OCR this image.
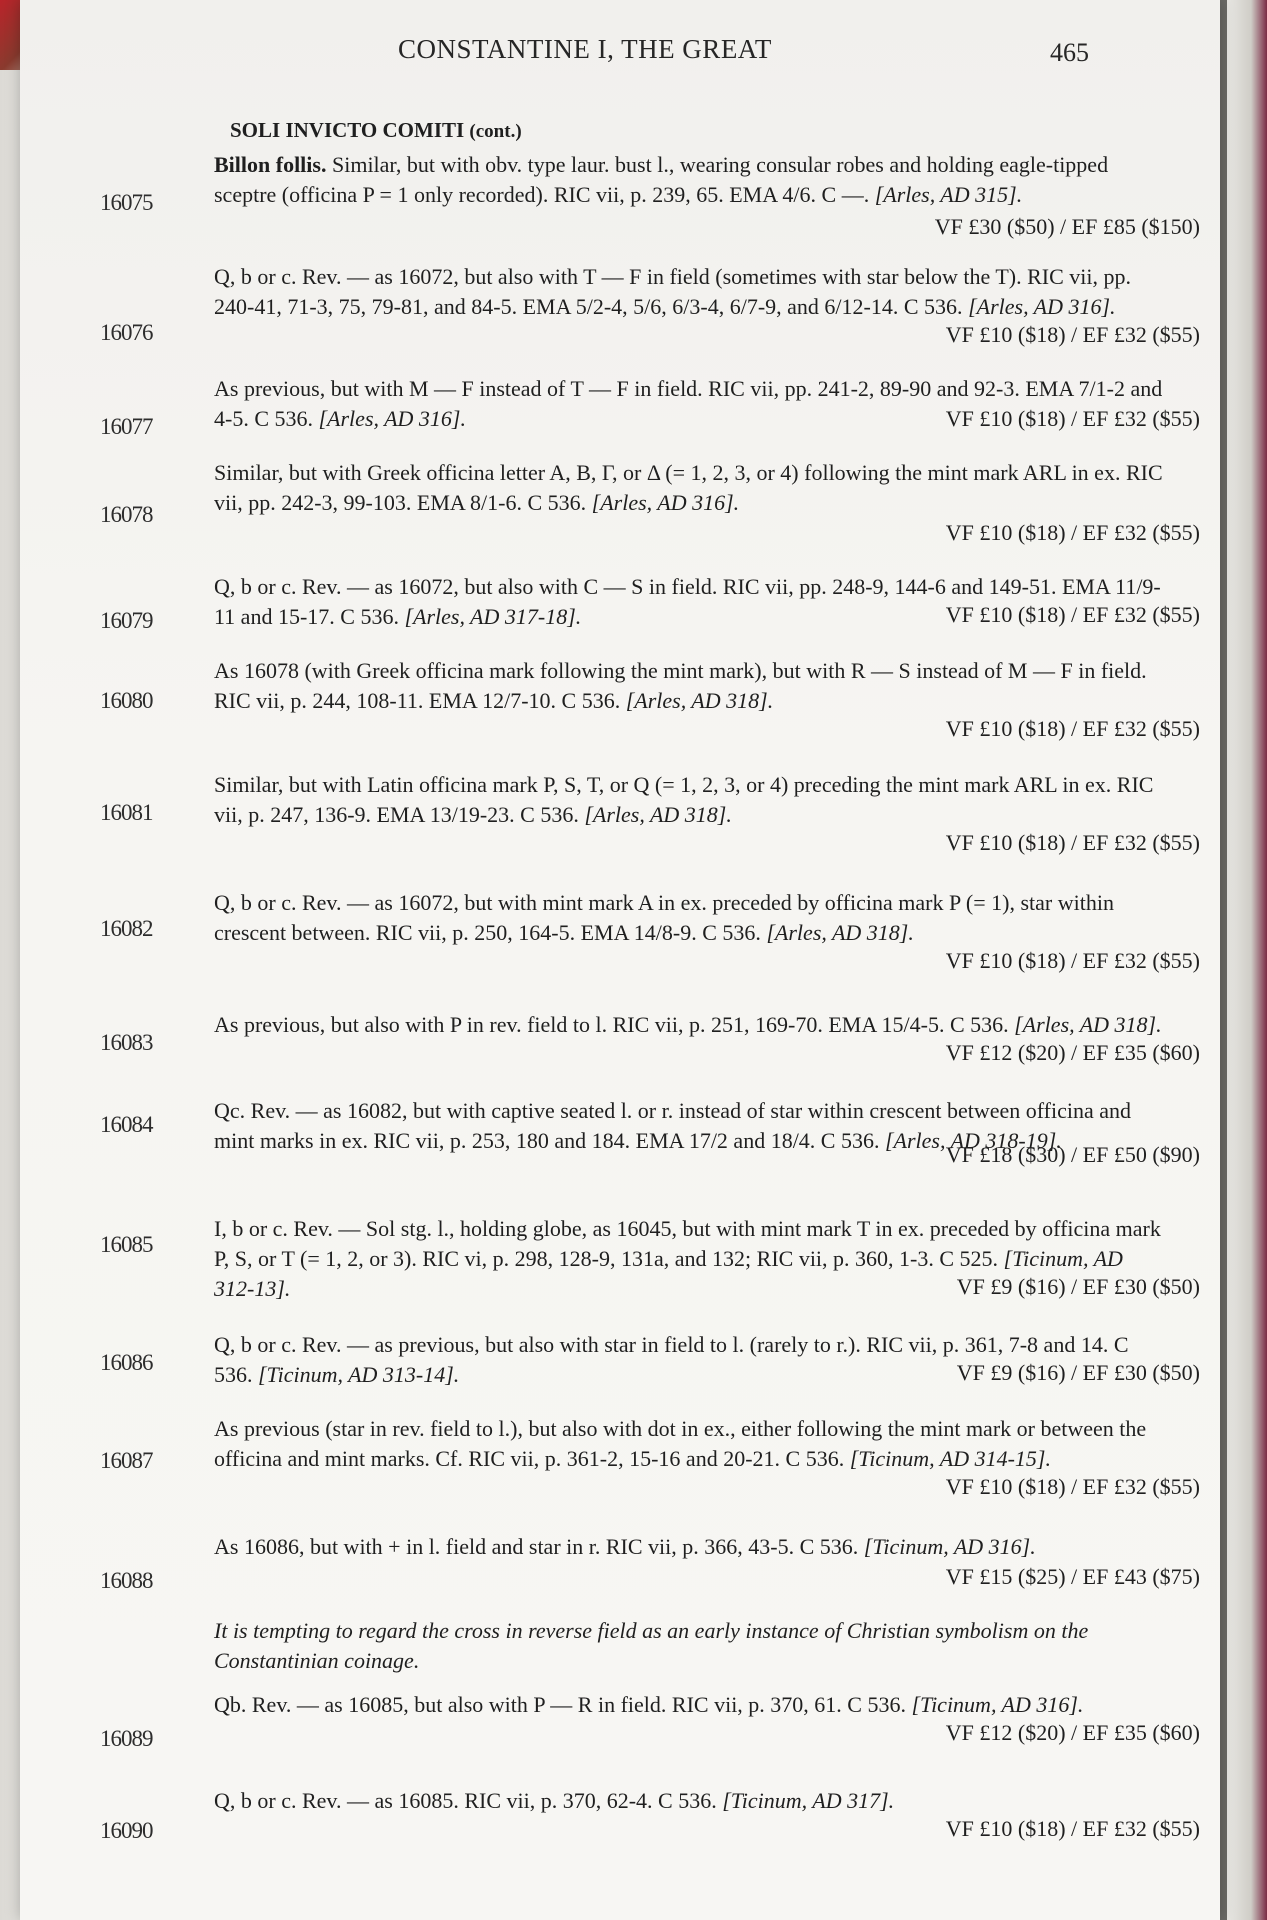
CONSTANTINE I, THE GREAT	465
SOLI INVICTO COMITI (cont.)
16075
Billon follis. Similar, but with obv. type laur. bust l., wearing consular robes and holding eagle-tipped sceptre (officina P = 1 only recorded). RIC vii, p. 239, 65. EMA 4/6. C —. [Arles, AD 315].
VF £30 ($50) / EF £85 ($150)
16076
Q, b or c. Rev. — as 16072, but also with T — F in field (sometimes with star below the T). RIC vii, pp. 240-41, 71-3, 75, 79-81, and 84-5. EMA 5/2-4, 5/6, 6/3-4, 6/7-9, and 6/12-14. C 536. [Arles, AD 316].
VF £10 ($18) / EF £32 ($55)
16077
As previous, but with M — F instead of T — F in field. RIC vii, pp. 241-2, 89-90 and 92-3. EMA 7/1-2 and 4-5. C 536. [Arles, AD 316].	VF £10 ($18) / EF £32 ($55)
16078
Similar, but with Greek officina letter A, B, Γ, or Δ (= 1, 2, 3, or 4) following the mint mark ARL in ex. RIC vii, pp. 242-3, 99-103. EMA 8/1-6. C 536. [Arles, AD 316].
VF £10 ($18) / EF £32 ($55)
16079
Q, b or c. Rev. — as 16072, but also with C — S in field. RIC vii, pp. 248-9, 144-6 and 149-51. EMA 11/9-11 and 15-17. C 536. [Arles, AD 317-18].	VF £10 ($18) / EF £32 ($55)
16080
As 16078 (with Greek officina mark following the mint mark), but with R — S instead of M — F in field. RIC vii, p. 244, 108-11. EMA 12/7-10. C 536. [Arles, AD 318].
VF £10 ($18) / EF £32 ($55)
16081
Similar, but with Latin officina mark P, S, T, or Q (= 1, 2, 3, or 4) preceding the mint mark ARL in ex. RIC vii, p. 247, 136-9. EMA 13/19-23. C 536. [Arles, AD 318].
VF £10 ($18) / EF £32 ($55)
16082
Q, b or c. Rev. — as 16072, but with mint mark A in ex. preceded by officina mark P (= 1), star within crescent between. RIC vii, p. 250, 164-5. EMA 14/8-9. C 536. [Arles, AD 318].
VF £10 ($18) / EF £32 ($55)
16083
As previous, but also with P in rev. field to l. RIC vii, p. 251, 169-70. EMA 15/4-5. C 536. [Arles, AD 318].
VF £12 ($20) / EF £35 ($60)
16084
Qc. Rev. — as 16082, but with captive seated l. or r. instead of star within crescent between officina and mint marks in ex. RIC vii, p. 253, 180 and 184. EMA 17/2 and 18/4. C 536. [Arles, AD 318-19].
VF £18 ($30) / EF £50 ($90)
16085
I, b or c. Rev. — Sol stg. l., holding globe, as 16045, but with mint mark T in ex. preceded by officina mark P, S, or T (= 1, 2, or 3). RIC vi, p. 298, 128-9, 131a, and 132; RIC vii, p. 360, 1-3. C 525. [Ticinum, AD 312-13].	VF £9 ($16) / EF £30 ($50)
16086
Q, b or c. Rev. — as previous, but also with star in field to l. (rarely to r.). RIC vii, p. 361, 7-8 and 14. C 536. [Ticinum, AD 313-14].	VF £9 ($16) / EF £30 ($50)
16087
As previous (star in rev. field to l.), but also with dot in ex., either following the mint mark or between the officina and mint marks. Cf. RIC vii, p. 361-2, 15-16 and 20-21. C 536. [Ticinum, AD 314-15].
VF £10 ($18) / EF £32 ($55)
16088
As 16086, but with + in l. field and star in r. RIC vii, p. 366, 43-5. C 536. [Ticinum, AD 316].
VF £15 ($25) / EF £43 ($75)
It is tempting to regard the cross in reverse field as an early instance of Christian symbolism on the Constantinian coinage.
16089
Qb. Rev. — as 16085, but also with P — R in field. RIC vii, p. 370, 61. C 536. [Ticinum, AD 316].
VF £12 ($20) / EF £35 ($60)
16090
Q, b or c. Rev. — as 16085. RIC vii, p. 370, 62-4. C 536. [Ticinum, AD 317].
VF £10 ($18) / EF £32 ($55)
